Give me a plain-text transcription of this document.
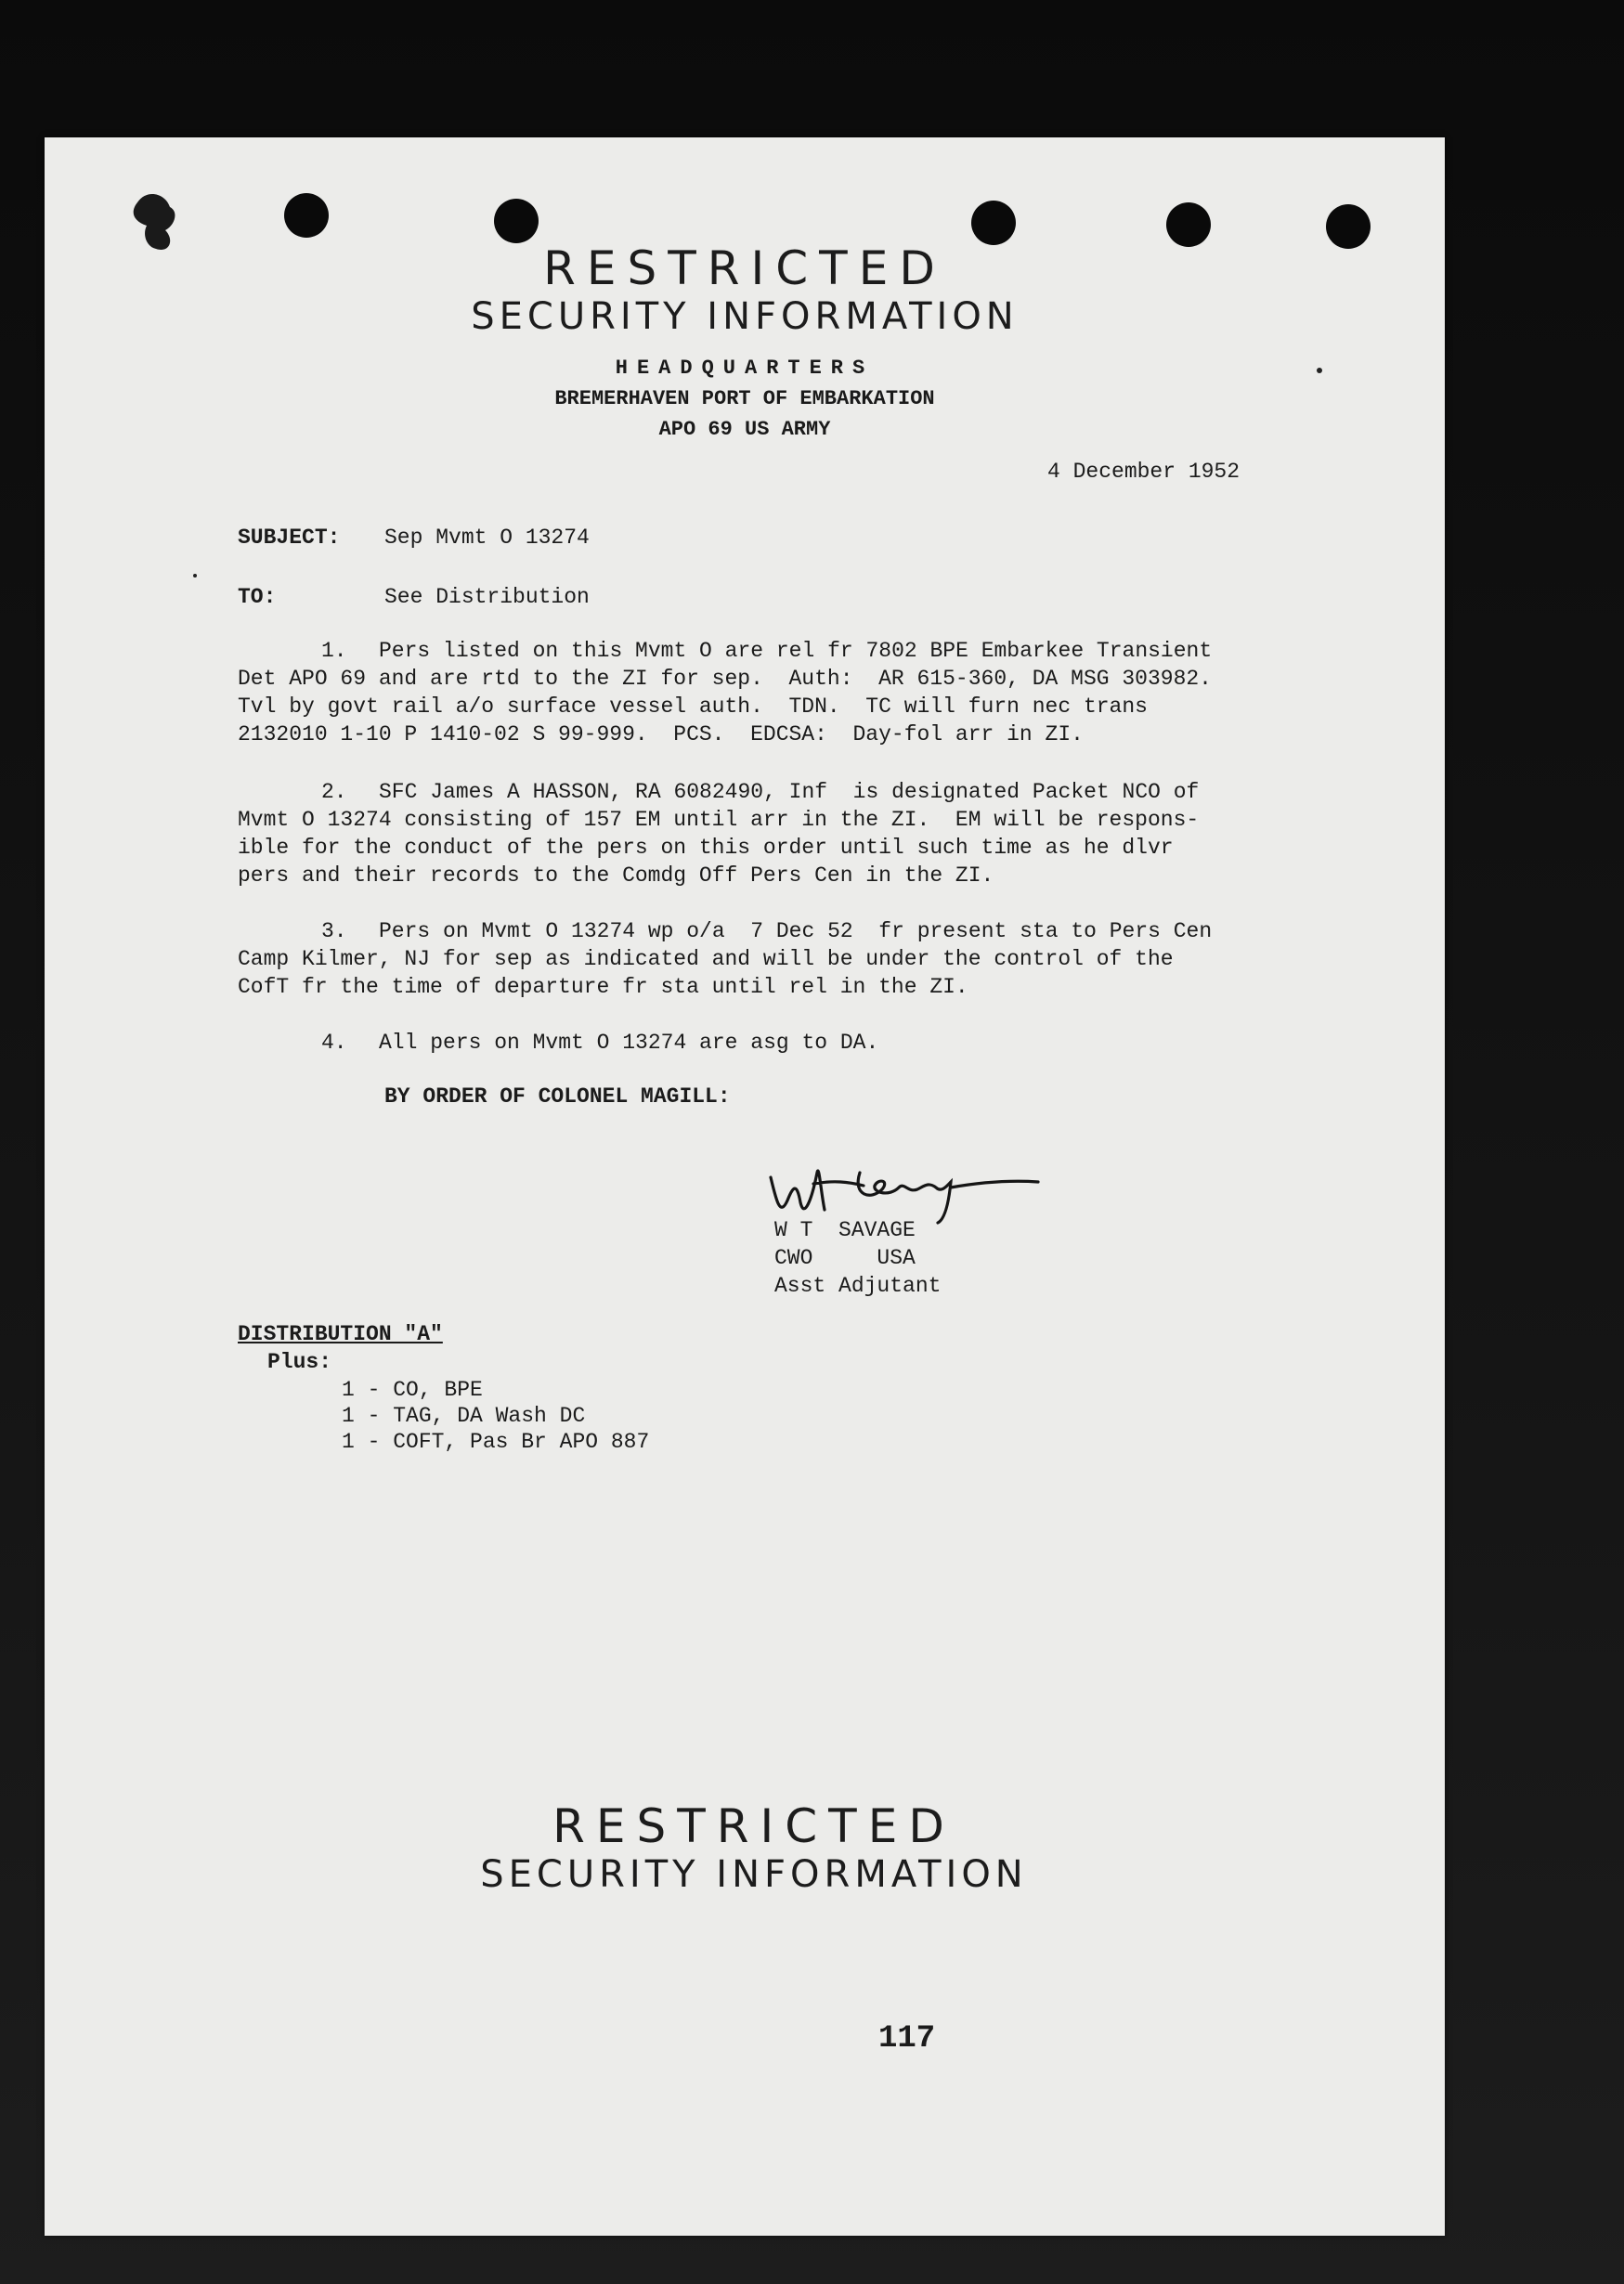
RESTRICTED
SECURITY INFORMATION
HEADQUARTERS
BREMERHAVEN PORT OF EMBARKATION
APO 69 US ARMY
4 December 1952
SUBJECT: Sep Mvmt O 13274
TO:	See Distribution
1. Pers listed on this Mvmt O are rel fr 7802 BPE Embarkee Transient
Det APO 69 and are rtd to the ZI for sep.  Auth:  AR 615-360, DA MSG 303982.
Tvl by govt rail a/o surface vessel auth.  TDN.  TC will furn nec trans
2132010 1-10 P 1410-02 S 99-999.  PCS.  EDCSA:  Day-fol arr in ZI.
2. SFC James A HASSON, RA 6082490, Inf  is designated Packet NCO of
Mvmt O 13274 consisting of 157 EM until arr in the ZI.  EM will be respons-
ible for the conduct of the pers on this order until such time as he dlvr
pers and their records to the Comdg Off Pers Cen in the ZI.
3. Pers on Mvmt O 13274 wp o/a  7 Dec 52  fr present sta to Pers Cen
Camp Kilmer, NJ for sep as indicated and will be under the control of the
CofT fr the time of departure fr sta until rel in the ZI.
4. All pers on Mvmt O 13274 are asg to DA.
BY ORDER OF COLONEL MAGILL:
W T  SAVAGE
CWO     USA
Asst Adjutant
DISTRIBUTION "A"
Plus:
1 - CO, BPE
1 - TAG, DA Wash DC
1 - COFT, Pas Br APO 887
RESTRICTED
SECURITY INFORMATION
117
